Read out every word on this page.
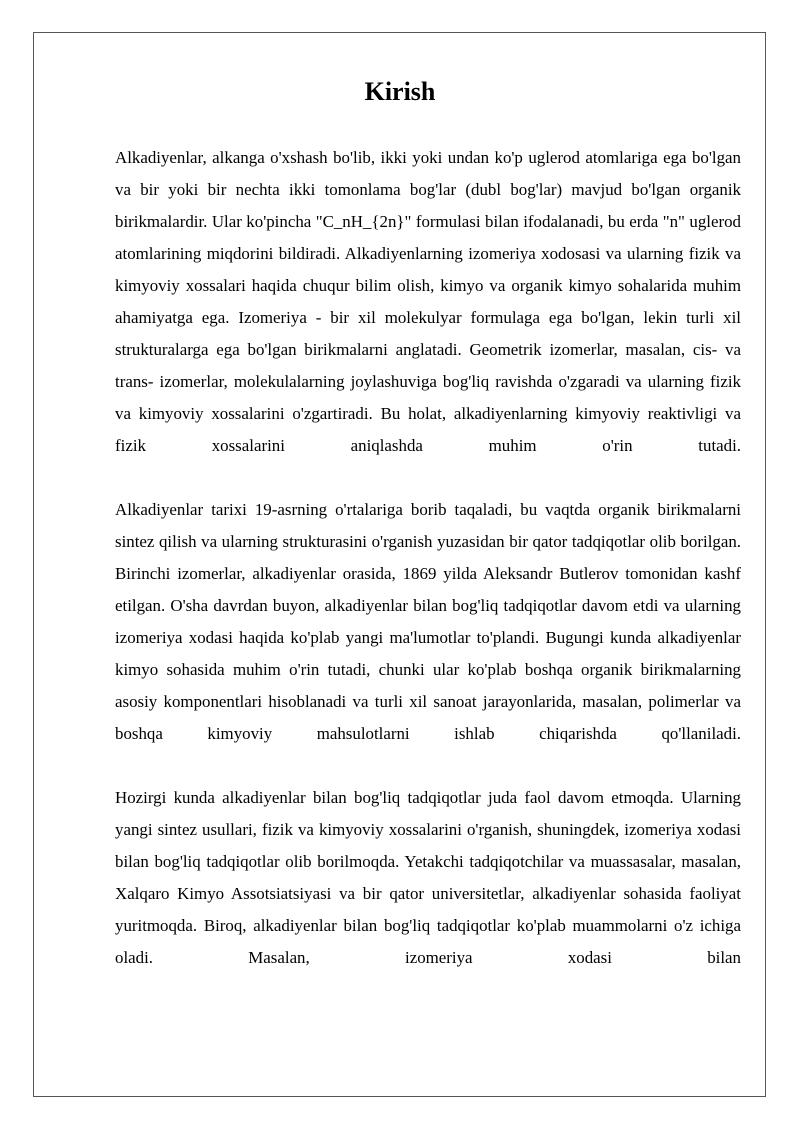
Kirish

Alkadiyenlar, alkanga o'xshash bo'lib, ikki yoki undan ko'p uglerod atomlariga ega bo'lgan va bir yoki bir nechta ikki tomonlama bog'lar (dubl bog'lar) mavjud bo'lgan organik birikmalardir. Ular ko'pincha "C_nH_{2n}" formulasi bilan ifodalanadi, bu erda "n" uglerod atomlarining miqdorini bildiradi. Alkadiyenlarning izomeriya xodosasi va ularning fizik va kimyoviy xossalari haqida chuqur bilim olish, kimyo va organik kimyo sohalarida muhim ahamiyatga ega. Izomeriya - bir xil molekulyar formulaga ega bo'lgan, lekin turli xil strukturalarga ega bo'lgan birikmalarni anglatadi. Geometrik izomerlar, masalan, cis- va trans- izomerlar, molekulalarning joylashuviga bog'liq ravishda o'zgaradi va ularning fizik va kimyoviy xossalarini o'zgartiradi. Bu holat, alkadiyenlarning kimyoviy reaktivligi va fizik xossalarini aniqlashda muhim o'rin tutadi.

Alkadiyenlar tarixi 19-asrning o'rtalariga borib taqaladi, bu vaqtda organik birikmalarni sintez qilish va ularning strukturasini o'rganish yuzasidan bir qator tadqiqotlar olib borilgan. Birinchi izomerlar, alkadiyenlar orasida, 1869 yilda Aleksandr Butlerov tomonidan kashf etilgan. O'sha davrdan buyon, alkadiyenlar bilan bog'liq tadqiqotlar davom etdi va ularning izomeriya xodasi haqida ko'plab yangi ma'lumotlar to'plandi. Bugungi kunda alkadiyenlar kimyo sohasida muhim o'rin tutadi, chunki ular ko'plab boshqa organik birikmalarning asosiy komponentlari hisoblanadi va turli xil sanoat jarayonlarida, masalan, polimerlar va boshqa kimyoviy mahsulotlarni ishlab chiqarishda qo'llaniladi.

Hozirgi kunda alkadiyenlar bilan bog'liq tadqiqotlar juda faol davom etmoqda. Ularning yangi sintez usullari, fizik va kimyoviy xossalarini o'rganish, shuningdek, izomeriya xodasi bilan bog'liq tadqiqotlar olib borilmoqda. Yetakchi tadqiqotchilar va muassasalar, masalan, Xalqaro Kimyo Assotsiatsiyasi va bir qator universitetlar, alkadiyenlar sohasida faoliyat yuritmoqda. Biroq, alkadiyenlar bilan bog'liq tadqiqotlar ko'plab muammolarni o'z ichiga oladi. Masalan, izomeriya xodasi bilan
